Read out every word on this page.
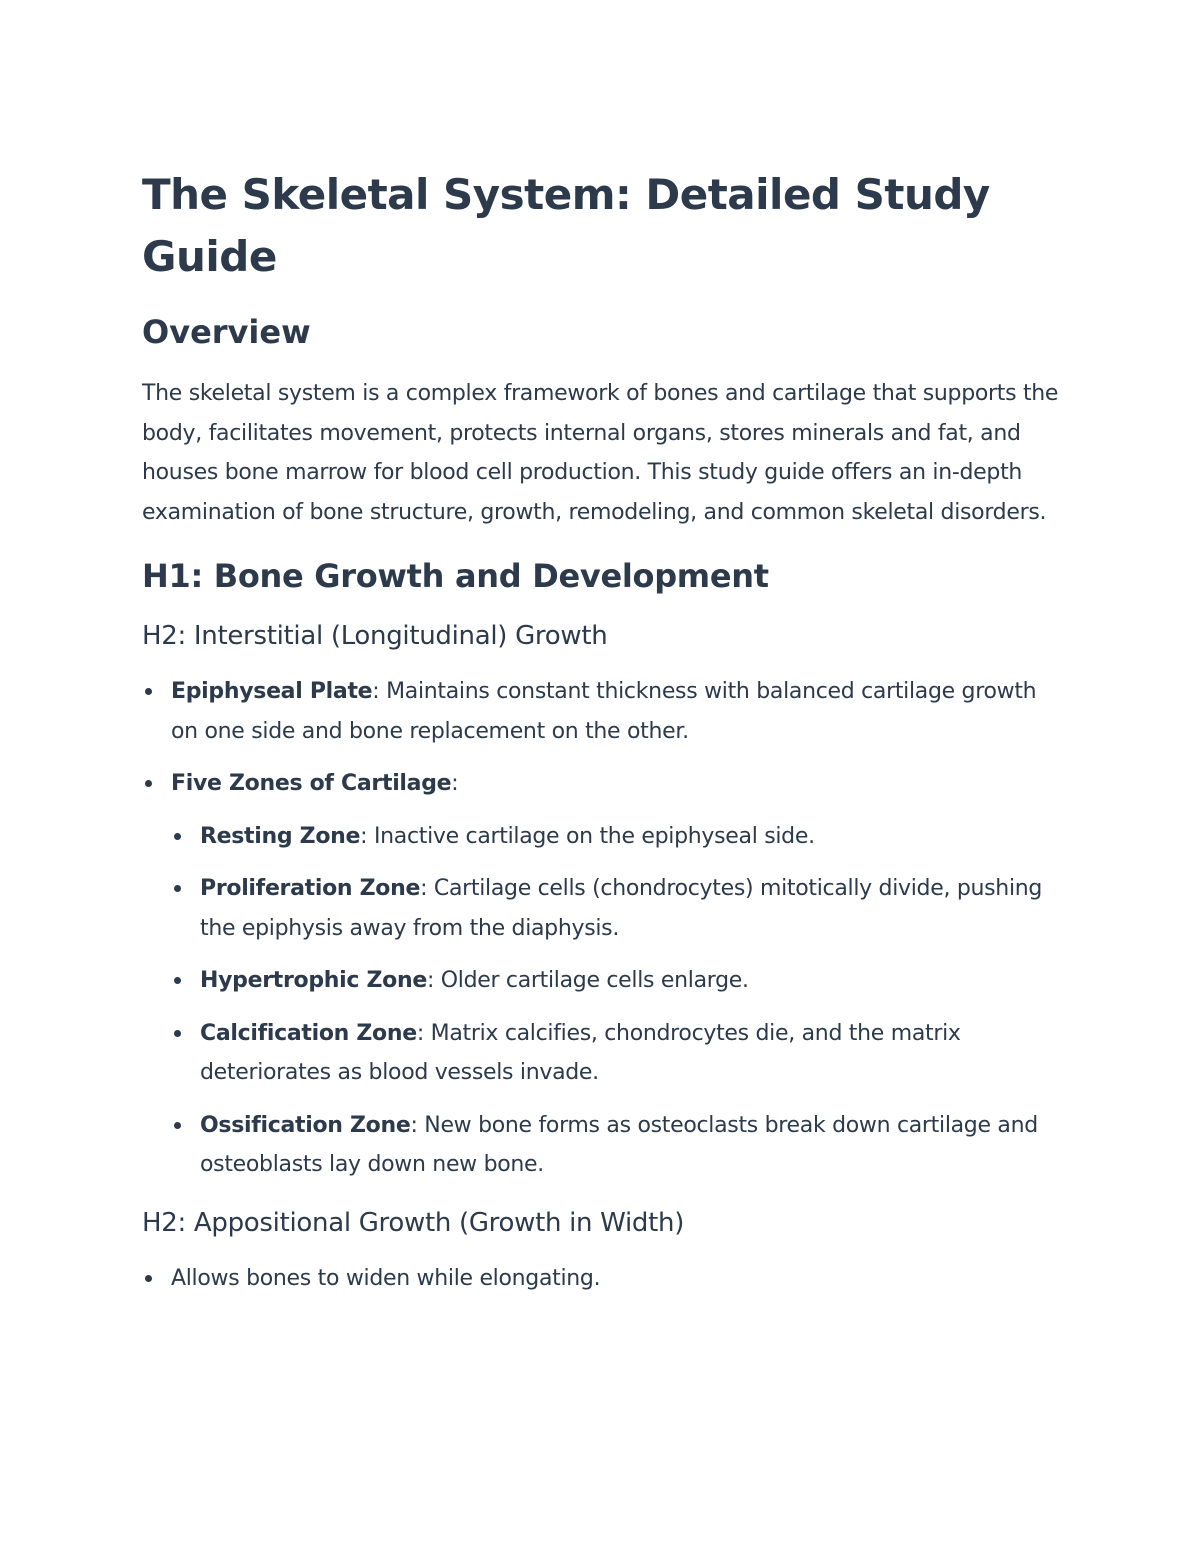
The Skeletal System: Detailed Study Guide
Overview

The skeletal system is a complex framework of bones and cartilage that supports the body, facilitates movement, protects internal organs, stores minerals and fat, and houses bone marrow for blood cell production. This study guide offers an in-depth examination of bone structure, growth, remodeling, and common skeletal disorders.

H1: Bone Growth and Development
H2: Interstitial (Longitudinal) Growth
Epiphyseal Plate: Maintains constant thickness with balanced cartilage growth on one side and bone replacement on the other.
Five Zones of Cartilage:
Resting Zone: Inactive cartilage on the epiphyseal side.
Proliferation Zone: Cartilage cells (chondrocytes) mitotically divide, pushing the epiphysis away from the diaphysis.
Hypertrophic Zone: Older cartilage cells enlarge.
Calcification Zone: Matrix calcifies, chondrocytes die, and the matrix deteriorates as blood vessels invade.
Ossification Zone: New bone forms as osteoclasts break down cartilage and osteoblasts lay down new bone.
H2: Appositional Growth (Growth in Width)
Allows bones to widen while elongating.
